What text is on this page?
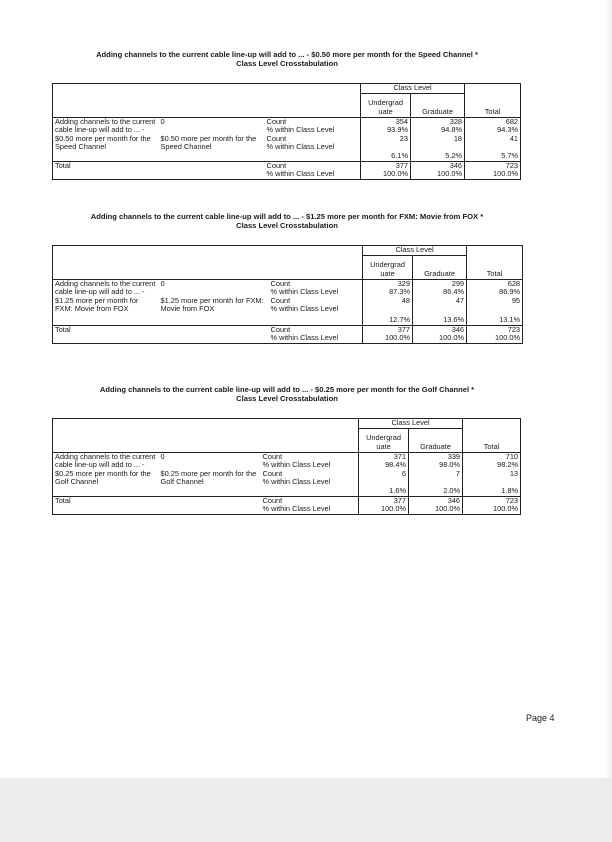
Adding channels to the current cable line-up will add to ... - $0.50 more per month for the Speed Channel *
Class Level Crosstabulation
			Class Level		
			Undergrad uate	Graduate	Total
Adding channels to the current cable line-up will add to ... - $0.50 more per month for the Speed Channel	0	Count	354	328	682
		% within Class Level	93.9%	94.8%	94.3%
	$0.50 more per month for the Speed Channel	Count	23	18	41
		% within Class Level	6.1%	5.2%	5.7%
Total		Count	377	346	723
		% within Class Level	100.0%	100.0%	100.0%
Adding channels to the current cable line-up will add to ... - $1.25 more per month for FXM: Movie from FOX *
Class Level Crosstabulation
			Class Level		
			Undergrad uate	Graduate	Total
Adding channels to the current cable line-up will add to ... - $1.25 more per month for FXM: Movie from FOX	0	Count	329	299	628
		% within Class Level	87.3%	86.4%	86.9%
	$1.25 more per month for FXM: Movie from FOX	Count	48	47	95
		% within Class Level	12.7%	13.6%	13.1%
Total		Count	377	346	723
		% within Class Level	100.0%	100.0%	100.0%
Adding channels to the current cable line-up will add to ... - $0.25 more per month for the Golf Channel *
Class Level Crosstabulation
			Class Level		
			Undergrad uate	Graduate	Total
Adding channels to the current cable line-up will add to ... - $0.25 more per month for the Golf Channel	0	Count	371	339	710
		% within Class Level	98.4%	98.0%	98.2%
	$0.25 more per month for the Golf Channel	Count	6	7	13
		% within Class Level	1.6%	2.0%	1.8%
Total		Count	377	346	723
		% within Class Level	100.0%	100.0%	100.0%
Page 4
